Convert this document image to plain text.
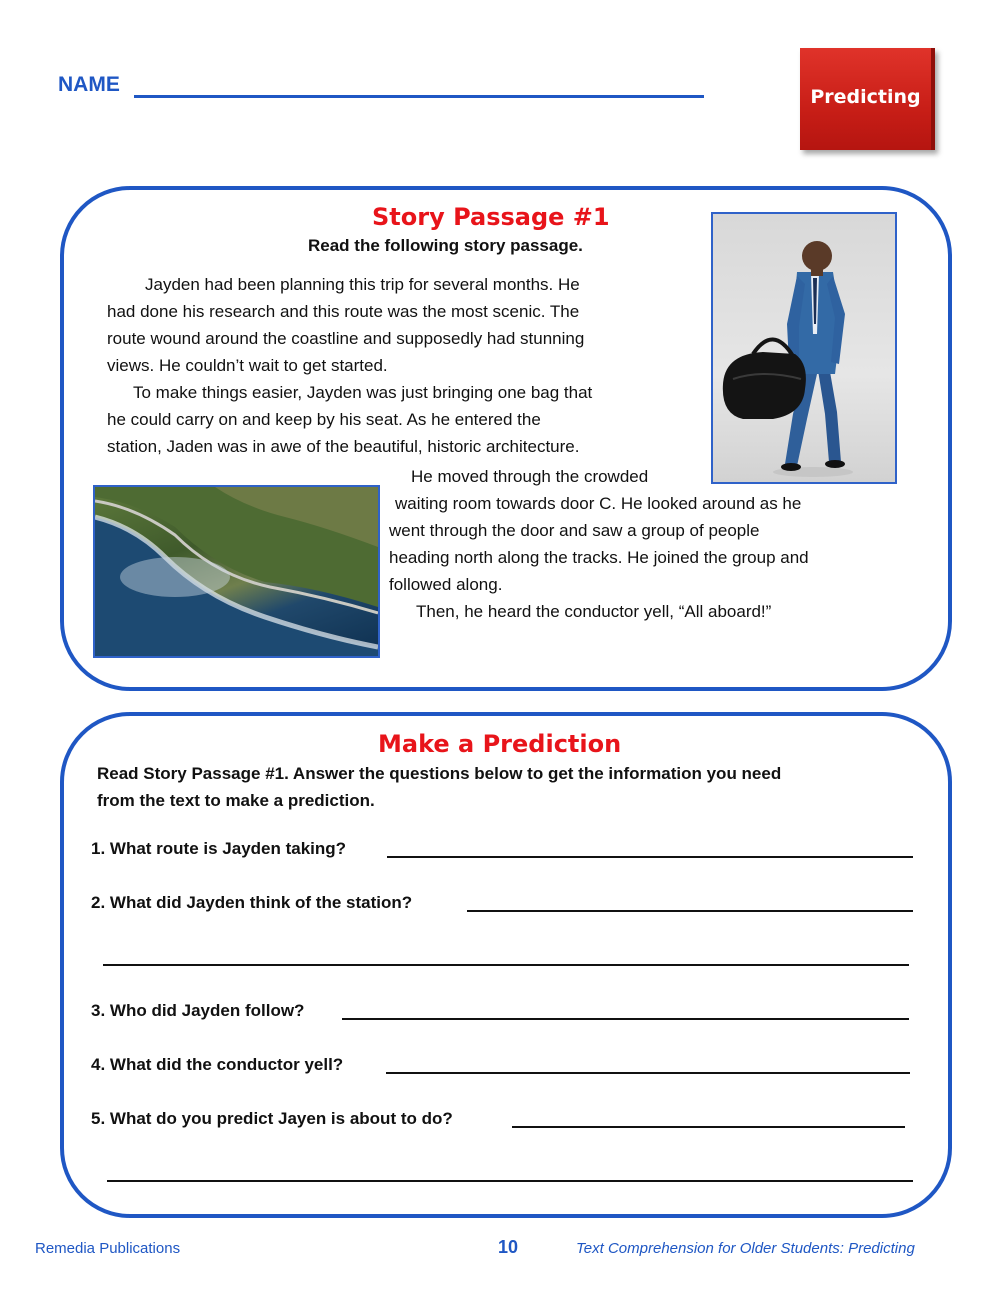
NAME
Predicting
Story Passage #1
Read the following story passage.
Jayden had been planning this trip for several months. He
had done his research and this route was the most scenic. The
route wound around the coastline and supposedly had stunning
views. He couldn’t wait to get started.
To make things easier, Jayden was just bringing one bag that
he could carry on and keep by his seat. As he entered the
station, Jaden was in awe of the beautiful, historic architecture.
He moved through the crowded
waiting room towards door C. He looked around as he
went through the door and saw a group of people
heading north along the tracks. He joined the group and
followed along.
Then, he heard the conductor yell, “All aboard!”
Make a Prediction
Read Story Passage #1. Answer the questions below to get the information you need
from the text to make a prediction.
1. What route is Jayden taking?
2. What did Jayden think of the station?
3. Who did Jayden follow?
4. What did the conductor yell?
5. What do you predict Jayen is about to do?
Remedia Publications	10	Text Comprehension for Older Students: Predicting
